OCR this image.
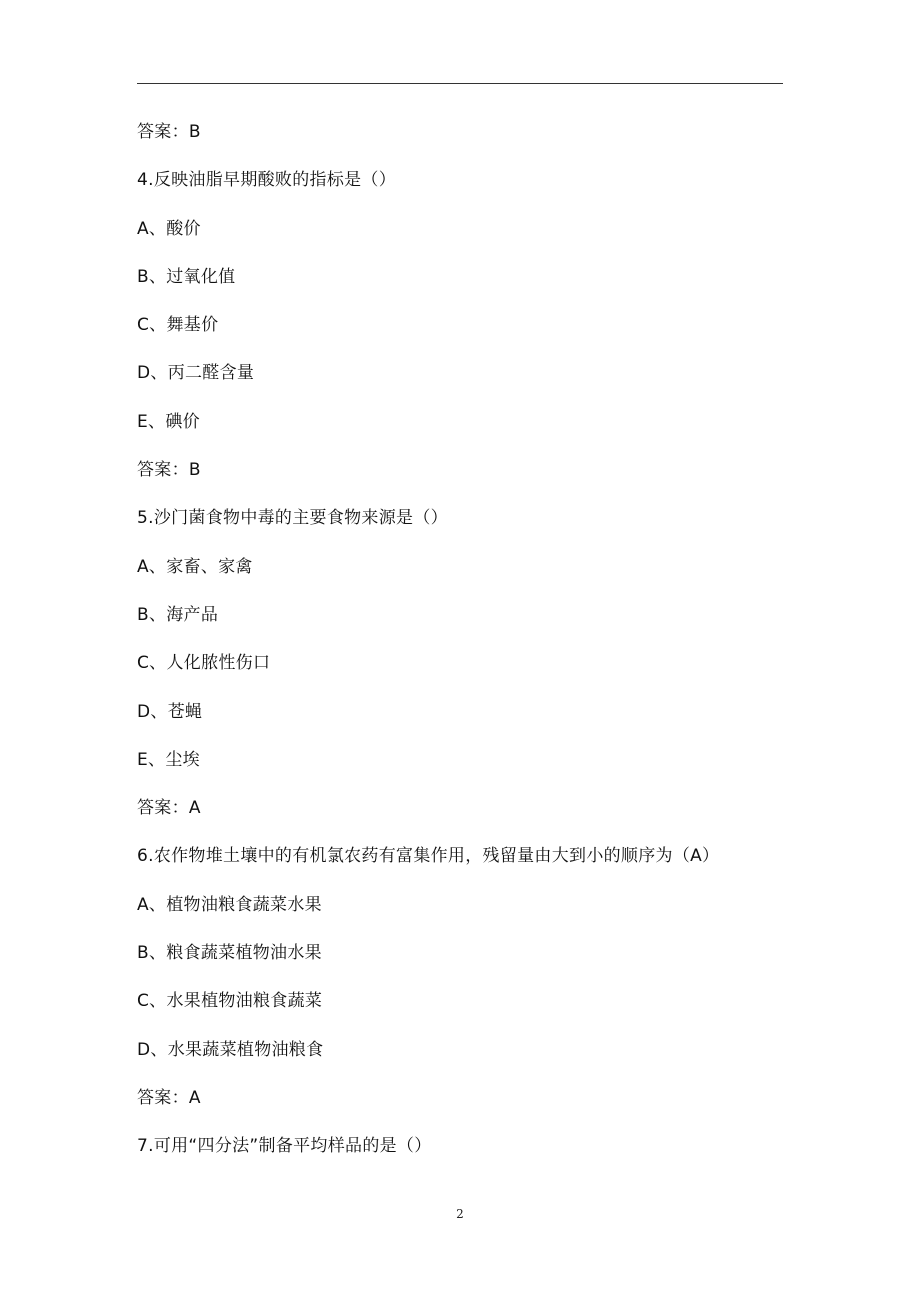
答案：B
4.反映油脂早期酸败的指标是（）
A、酸价
B、过氧化值
C、舞基价
D、丙二醛含量
E、碘价
答案：B
5.沙门菌食物中毒的主要食物来源是（）
A、家畜、家禽
B、海产品
C、人化脓性伤口
D、苍蝇
E、尘埃
答案：A
6.农作物堆土壤中的有机氯农药有富集作用，残留量由大到小的顺序为（A）
A、植物油粮食蔬菜水果
B、粮食蔬菜植物油水果
C、水果植物油粮食蔬菜
D、水果蔬菜植物油粮食
答案：A
7.可用“四分法”制备平均样品的是（）
2
